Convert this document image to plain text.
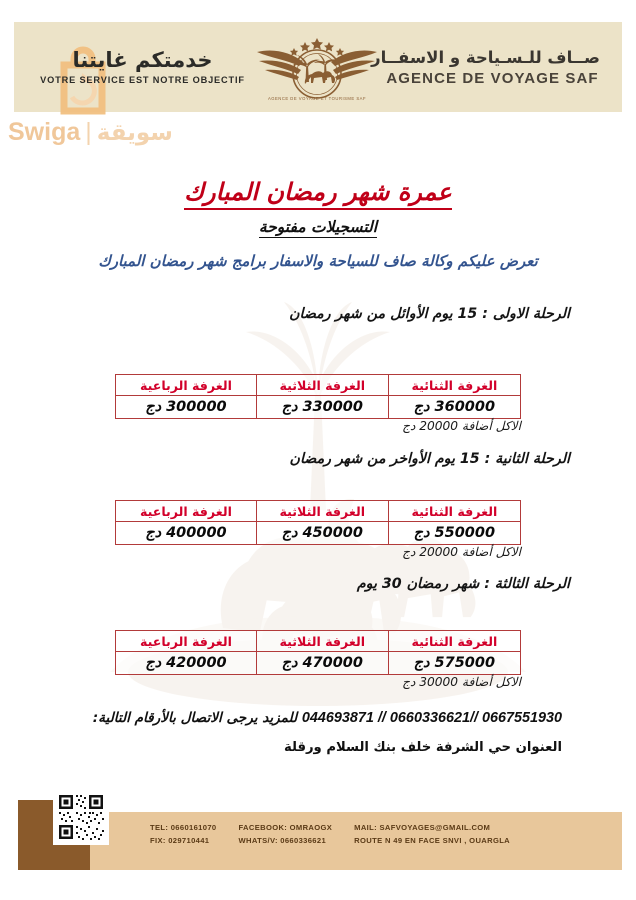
صــاف للـسـياحة و الاسفــار
AGENCE DE VOYAGE SAF
AGENCE DE VOYAGE ET TOURISME SAF
خدمتكم غايتنا
VOTRE SERVICE EST NOTRE OBJECTIF
Swiga | سويقة
عمرة شهر رمضان المبارك
التسجيلات مفتوحة
تعرض عليكم وكالة صاف للسياحة والاسفار برامج شهر رمضان المبارك
الرحلة الاولى : 15 يوم الأوائل من شهر رمضان
الغرفة الثنائية	الغرفة الثلاثية	الغرفة الرباعية
360000 دج	330000 دج	300000 دج
الاكل أضافة 20000 دج
الرحلة الثانية : 15 يوم الأواخر من شهر رمضان
الغرفة الثنائية	الغرفة الثلاثية	الغرفة الرباعية
550000 دج	450000 دج	400000 دج
الاكل أضافة 20000 دج
الرحلة الثالثة : شهر رمضان 30 يوم
الغرفة الثنائية	الغرفة الثلاثية	الغرفة الرباعية
575000 دج	470000 دج	420000 دج
الاكل أضافة 30000 دج
044693871 // 0660336621// 0667551930 للمزيد يرجى الاتصال بالأرقام التالية:
العنوان حي الشرفة خلف بنك السلام ورقلة
TEL: 0660161070
FIX: 029710441
FACEBOOK: OMRAOGX
WHATS/V: 0660336621
MAIL: SAFVOYAGES@GMAIL.COM
ROUTE N 49 EN FACE SNVI , OUARGLA
